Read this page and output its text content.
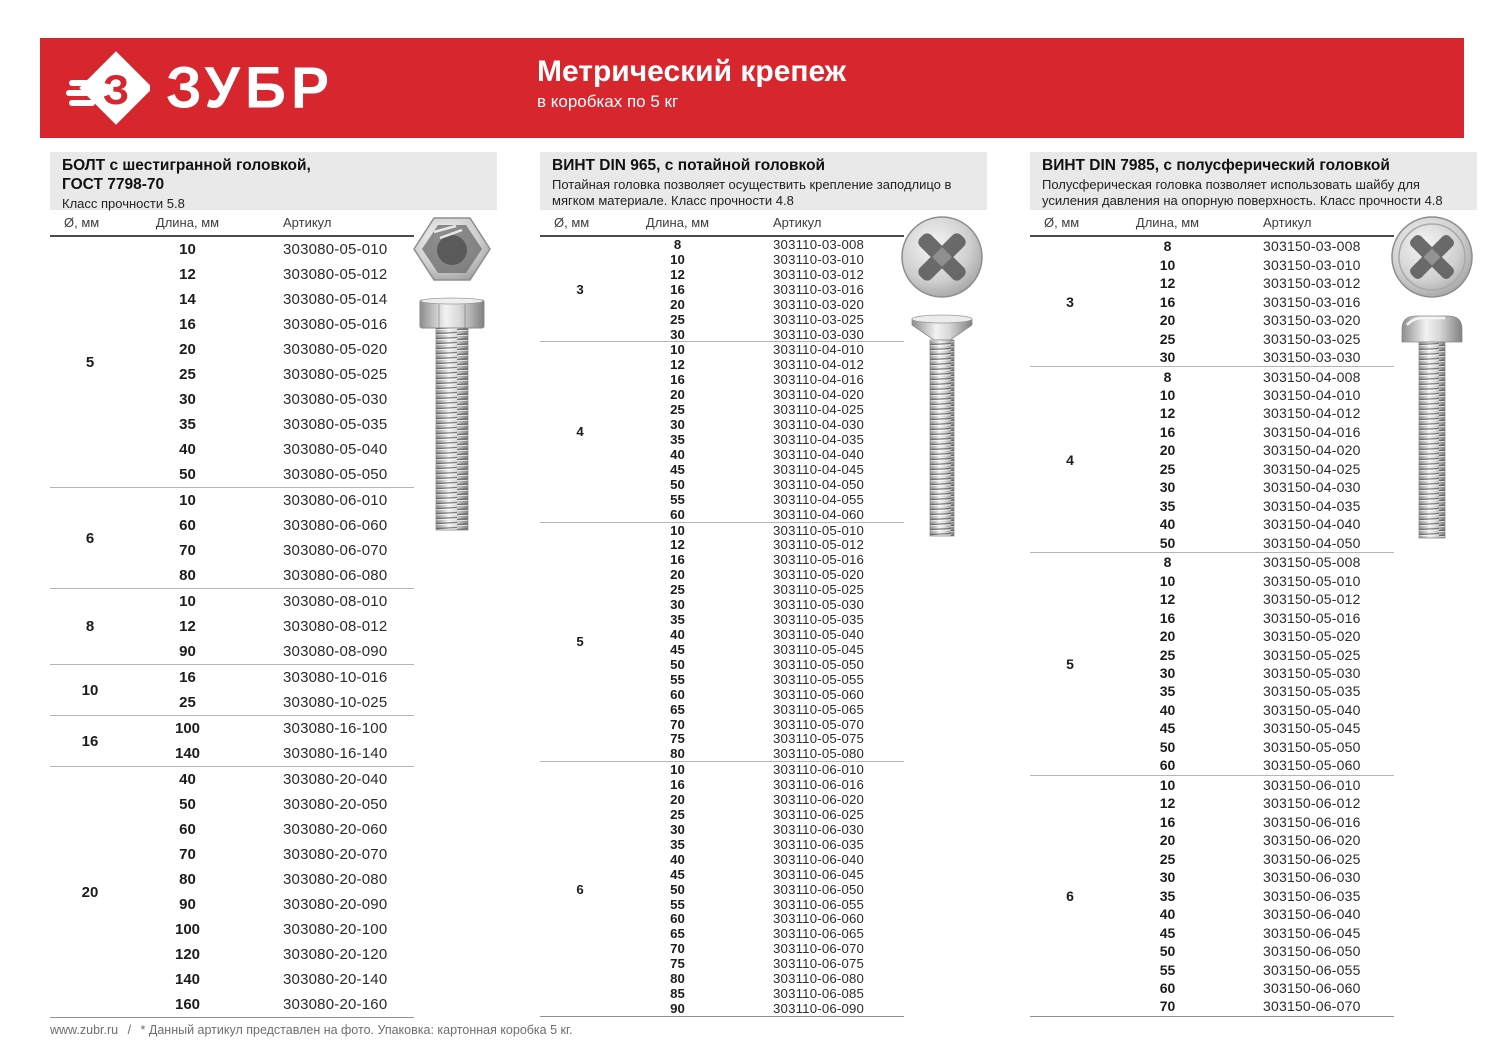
З ЗУБР	Метрический крепеж
в коробках по 5 кг
БОЛТ с шестигранной головкой,
ГОСТ 7798-70

Класс прочности 5.8

Ø, мм	Длина, мм	Артикул
5
10	303080-05-010
12	303080-05-012
14	303080-05-014
16	303080-05-016
20	303080-05-020
25	303080-05-025
30	303080-05-030
35	303080-05-035
40	303080-05-040
50	303080-05-050
6
10	303080-06-010
60	303080-06-060
70	303080-06-070
80	303080-06-080
8
10	303080-08-010
12	303080-08-012
90	303080-08-090
10
16	303080-10-016
25	303080-10-025
16
100	303080-16-100
140	303080-16-140
20
40	303080-20-040
50	303080-20-050
60	303080-20-060
70	303080-20-070
80	303080-20-080
90	303080-20-090
100	303080-20-100
120	303080-20-120
140	303080-20-140
160	303080-20-160
ВИНТ DIN 965, с потайной головкой

Потайная головка позволяет осуществить крепление заподлицо в мягком материале. Класс прочности 4.8

Ø, мм	Длина, мм	Артикул
3
8	303110-03-008
10	303110-03-010
12	303110-03-012
16	303110-03-016
20	303110-03-020
25	303110-03-025
30	303110-03-030
4
10	303110-04-010
12	303110-04-012
16	303110-04-016
20	303110-04-020
25	303110-04-025
30	303110-04-030
35	303110-04-035
40	303110-04-040
45	303110-04-045
50	303110-04-050
55	303110-04-055
60	303110-04-060
5
10	303110-05-010
12	303110-05-012
16	303110-05-016
20	303110-05-020
25	303110-05-025
30	303110-05-030
35	303110-05-035
40	303110-05-040
45	303110-05-045
50	303110-05-050
55	303110-05-055
60	303110-05-060
65	303110-05-065
70	303110-05-070
75	303110-05-075
80	303110-05-080
6
10	303110-06-010
16	303110-06-016
20	303110-06-020
25	303110-06-025
30	303110-06-030
35	303110-06-035
40	303110-06-040
45	303110-06-045
50	303110-06-050
55	303110-06-055
60	303110-06-060
65	303110-06-065
70	303110-06-070
75	303110-06-075
80	303110-06-080
85	303110-06-085
90	303110-06-090
ВИНТ DIN 7985, с полусферический головкой

Полусферическая головка позволяет использовать шайбу для усиления давления на опорную поверхность. Класс прочности 4.8

Ø, мм	Длина, мм	Артикул
3
8	303150-03-008
10	303150-03-010
12	303150-03-012
16	303150-03-016
20	303150-03-020
25	303150-03-025
30	303150-03-030
4
8	303150-04-008
10	303150-04-010
12	303150-04-012
16	303150-04-016
20	303150-04-020
25	303150-04-025
30	303150-04-030
35	303150-04-035
40	303150-04-040
50	303150-04-050
5
8	303150-05-008
10	303150-05-010
12	303150-05-012
16	303150-05-016
20	303150-05-020
25	303150-05-025
30	303150-05-030
35	303150-05-035
40	303150-05-040
45	303150-05-045
50	303150-05-050
60	303150-05-060
6
10	303150-06-010
12	303150-06-012
16	303150-06-016
20	303150-06-020
25	303150-06-025
30	303150-06-030
35	303150-06-035
40	303150-06-040
45	303150-06-045
50	303150-06-050
55	303150-06-055
60	303150-06-060
70	303150-06-070
www.zubr.ru / * Данный артикул представлен на фото. Упаковка: картонная коробка 5 кг.
